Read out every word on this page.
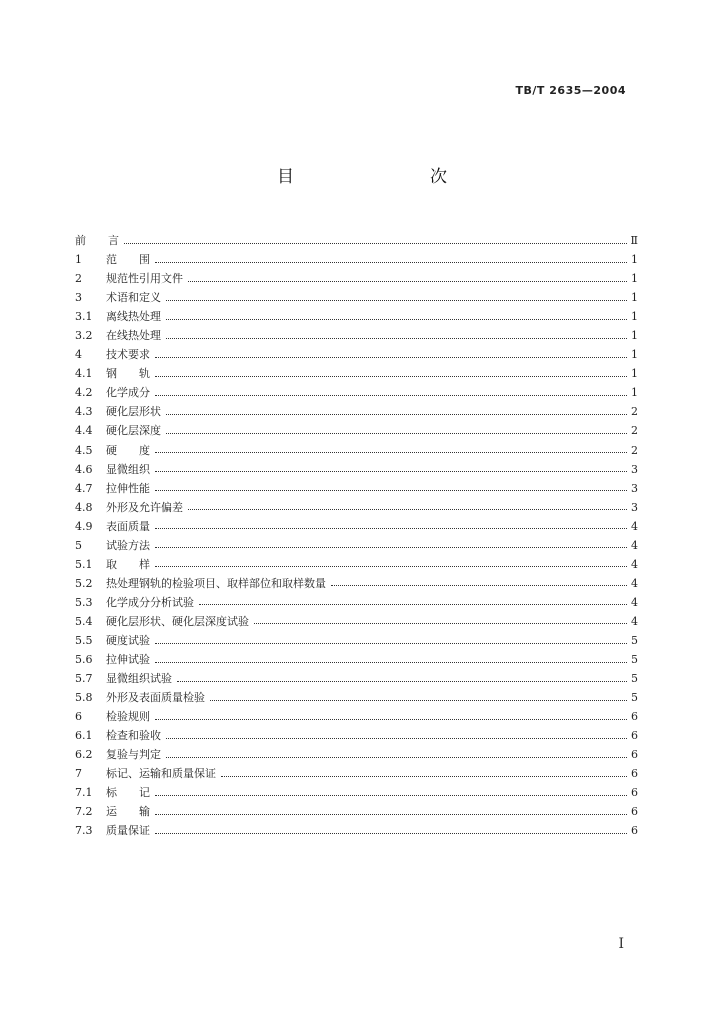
TB/T 2635—2004
目　　次
前　　言	Ⅱ
1	范　　围	1
2	规范性引用文件	1
3	术语和定义	1
3.1	离线热处理	1
3.2	在线热处理	1
4	技术要求	1
4.1	钢　　轨	1
4.2	化学成分	1
4.3	硬化层形状	2
4.4	硬化层深度	2
4.5	硬　　度	2
4.6	显微组织	3
4.7	拉伸性能	3
4.8	外形及允许偏差	3
4.9	表面质量	4
5	试验方法	4
5.1	取　　样	4
5.2	热处理钢轨的检验项目、取样部位和取样数量	4
5.3	化学成分分析试验	4
5.4	硬化层形状、硬化层深度试验	4
5.5	硬度试验	5
5.6	拉伸试验	5
5.7	显微组织试验	5
5.8	外形及表面质量检验	5
6	检验规则	6
6.1	检查和验收	6
6.2	复验与判定	6
7	标记、运输和质量保证	6
7.1	标　　记	6
7.2	运　　输	6
7.3	质量保证	6
I
